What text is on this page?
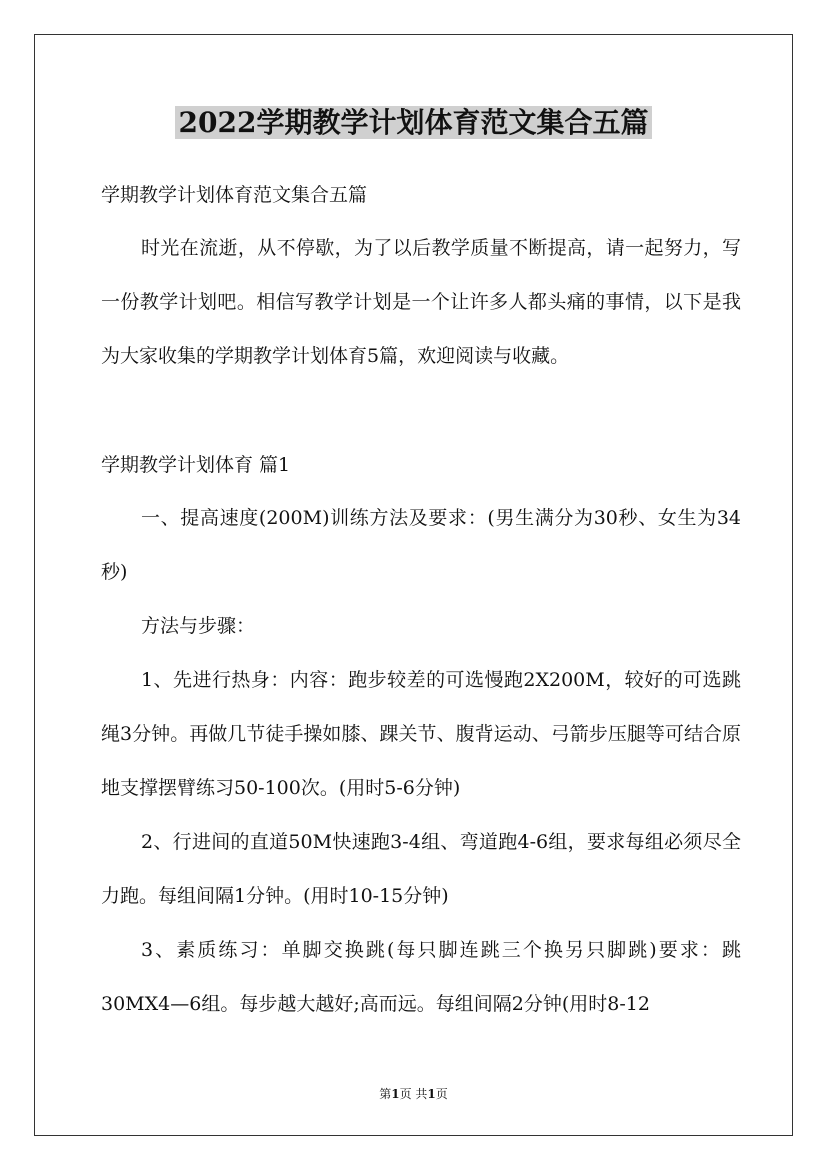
2022学期教学计划体育范文集合五篇
学期教学计划体育范文集合五篇

时光在流逝，从不停歇，为了以后教学质量不断提高，请一起努力，写一份教学计划吧。相信写教学计划是一个让许多人都头痛的事情，以下是我为大家收集的学期教学计划体育5篇，欢迎阅读与收藏。

学期教学计划体育 篇1

一、提高速度(200M)训练方法及要求：(男生满分为30秒、女生为34秒)

方法与步骤：

1、先进行热身：内容：跑步较差的可选慢跑2X200M，较好的可选跳绳3分钟。再做几节徒手操如膝、踝关节、腹背运动、弓箭步压腿等可结合原地支撑摆臂练习50-100次。(用时5-6分钟)

2、行进间的直道50M快速跑3-4组、弯道跑4-6组，要求每组必须尽全力跑。每组间隔1分钟。(用时10-15分钟)

3、素质练习：单脚交换跳(每只脚连跳三个换另只脚跳)要求：跳30MX4—6组。每步越大越好;高而远。每组间隔2分钟(用时8-12

第1页 共1页
